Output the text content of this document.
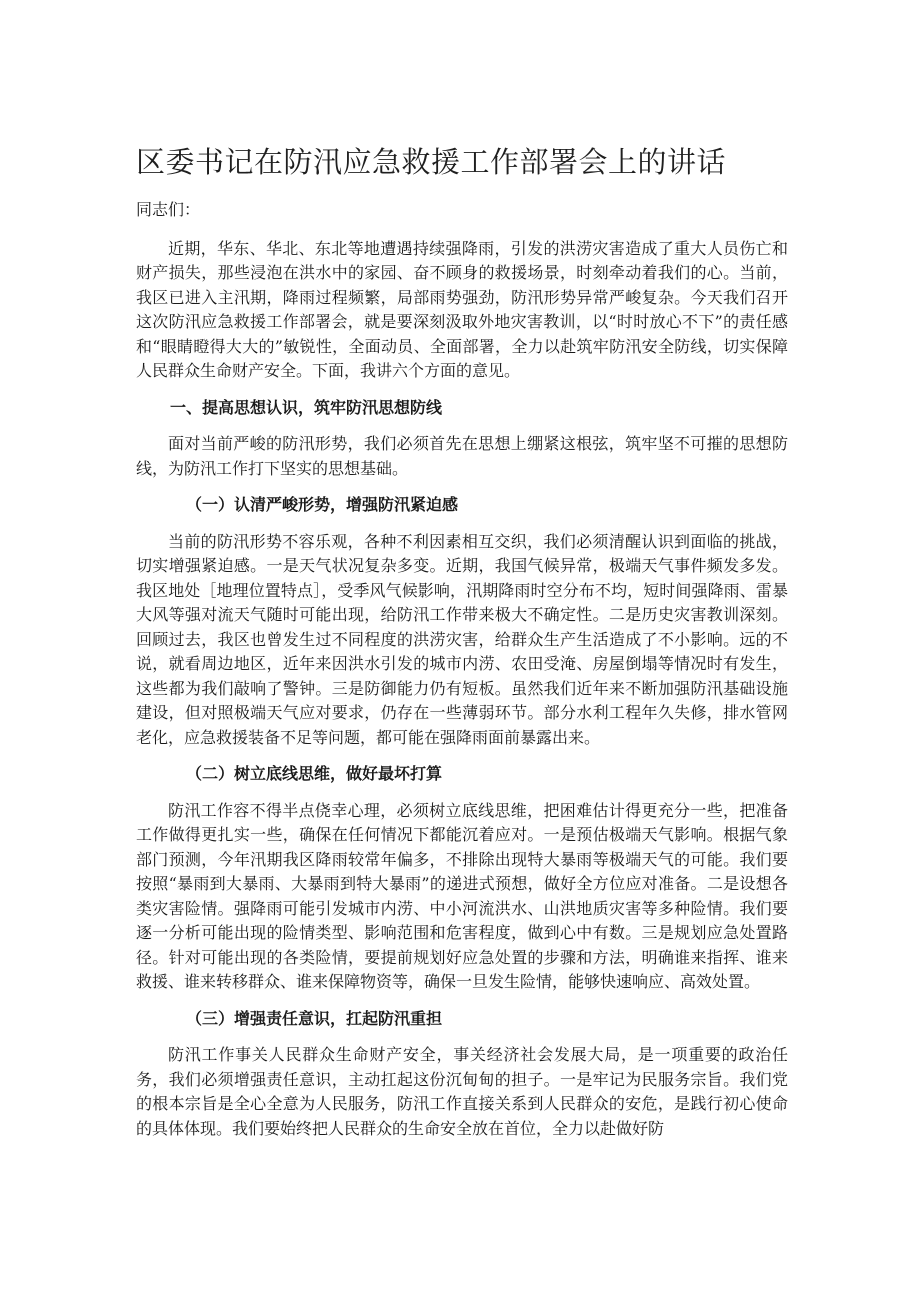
区委书记在防汛应急救援工作部署会上的讲话

同志们：

近期，华东、华北、东北等地遭遇持续强降雨，引发的洪涝灾害造成了重大人员伤亡和财产损失，那些浸泡在洪水中的家园、奋不顾身的救援场景，时刻牵动着我们的心。当前，我区已进入主汛期，降雨过程频繁，局部雨势强劲，防汛形势异常严峻复杂。今天我们召开这次防汛应急救援工作部署会，就是要深刻汲取外地灾害教训，以“时时放心不下”的责任感和“眼睛瞪得大大的”敏锐性，全面动员、全面部署，全力以赴筑牢防汛安全防线，切实保障人民群众生命财产安全。下面，我讲六个方面的意见。

一、提高思想认识，筑牢防汛思想防线

面对当前严峻的防汛形势，我们必须首先在思想上绷紧这根弦，筑牢坚不可摧的思想防线，为防汛工作打下坚实的思想基础。

（一）认清严峻形势，增强防汛紧迫感

当前的防汛形势不容乐观，各种不利因素相互交织，我们必须清醒认识到面临的挑战，切实增强紧迫感。一是天气状况复杂多变。近期，我国气候异常，极端天气事件频发多发。我区地处［地理位置特点］，受季风气候影响，汛期降雨时空分布不均，短时间强降雨、雷暴大风等强对流天气随时可能出现，给防汛工作带来极大不确定性。二是历史灾害教训深刻。回顾过去，我区也曾发生过不同程度的洪涝灾害，给群众生产生活造成了不小影响。远的不说，就看周边地区，近年来因洪水引发的城市内涝、农田受淹、房屋倒塌等情况时有发生，这些都为我们敲响了警钟。三是防御能力仍有短板。虽然我们近年来不断加强防汛基础设施建设，但对照极端天气应对要求，仍存在一些薄弱环节。部分水利工程年久失修，排水管网老化，应急救援装备不足等问题，都可能在强降雨面前暴露出来。

（二）树立底线思维，做好最坏打算

防汛工作容不得半点侥幸心理，必须树立底线思维，把困难估计得更充分一些，把准备工作做得更扎实一些，确保在任何情况下都能沉着应对。一是预估极端天气影响。根据气象部门预测，今年汛期我区降雨较常年偏多，不排除出现特大暴雨等极端天气的可能。我们要按照“暴雨到大暴雨、大暴雨到特大暴雨”的递进式预想，做好全方位应对准备。二是设想各类灾害险情。强降雨可能引发城市内涝、中小河流洪水、山洪地质灾害等多种险情。我们要逐一分析可能出现的险情类型、影响范围和危害程度，做到心中有数。三是规划应急处置路径。针对可能出现的各类险情，要提前规划好应急处置的步骤和方法，明确谁来指挥、谁来救援、谁来转移群众、谁来保障物资等，确保一旦发生险情，能够快速响应、高效处置。

（三）增强责任意识，扛起防汛重担

防汛工作事关人民群众生命财产安全，事关经济社会发展大局，是一项重要的政治任务，我们必须增强责任意识，主动扛起这份沉甸甸的担子。一是牢记为民服务宗旨。我们党的根本宗旨是全心全意为人民服务，防汛工作直接关系到人民群众的安危，是践行初心使命的具体体现。我们要始终把人民群众的生命安全放在首位，全力以赴做好防
